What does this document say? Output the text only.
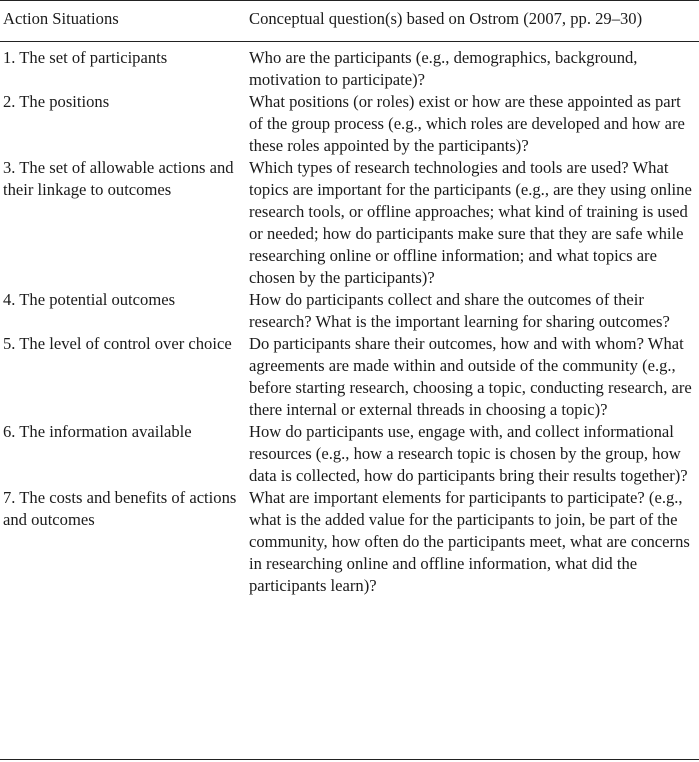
Action Situations	Conceptual question(s) based on Ostrom (2007, pp. 29–30)
1. The set of participants	Who are the participants (e.g., demographics, background, motivation to participate)?
2. The positions	What positions (or roles) exist or how are these appointed as part of the group process (e.g., which roles are developed and how are these roles appointed by the participants)?
3. The set of allowable actions and their linkage to outcomes	Which types of research technologies and tools are used? What topics are important for the participants (e.g., are they using online research tools, or offline approaches; what kind of training is used or needed; how do participants make sure that they are safe while researching online or offline information; and what topics are chosen by the participants)?
4. The potential outcomes	How do participants collect and share the outcomes of their research? What is the important learning for sharing outcomes?
5. The level of control over choice	Do participants share their outcomes, how and with whom? What agreements are made within and outside of the community (e.g., before starting research, choosing a topic, conducting research, are there internal or external threads in choosing a topic)?
6. The information available	How do participants use, engage with, and collect informational resources (e.g., how a research topic is chosen by the group, how data is collected, how do participants bring their results together)?
7. The costs and benefits of actions and outcomes	What are important elements for participants to participate? (e.g., what is the added value for the participants to join, be part of the community, how often do the participants meet, what are concerns in researching online and offline information, what did the participants learn)?
